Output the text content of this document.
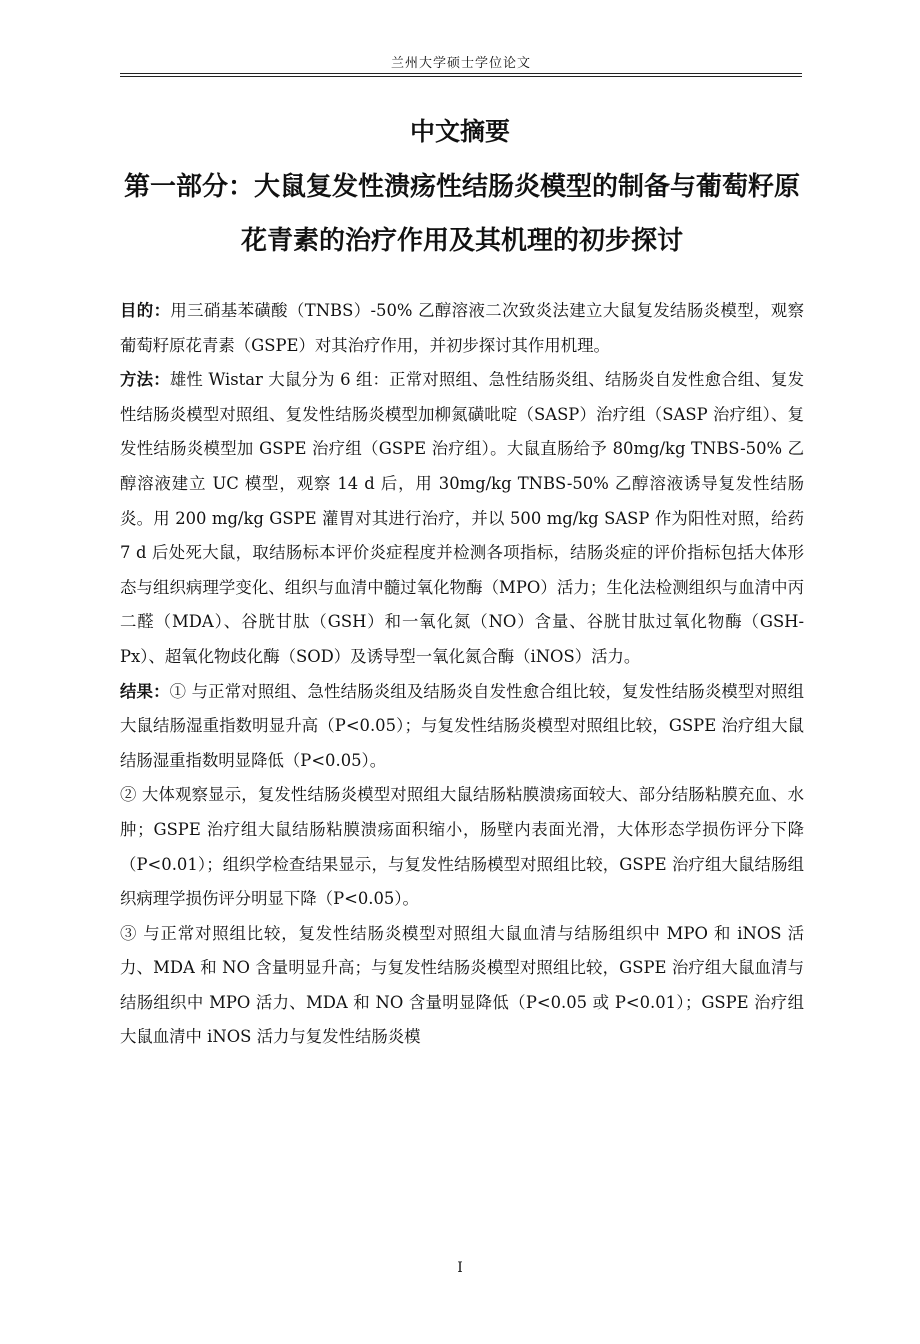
兰州大学硕士学位论文
中文摘要
第一部分：大鼠复发性溃疡性结肠炎模型的制备与葡萄籽原花青素的治疗作用及其机理的初步探讨

目的：用三硝基苯磺酸（TNBS）-50% 乙醇溶液二次致炎法建立大鼠复发结肠炎模型，观察葡萄籽原花青素（GSPE）对其治疗作用，并初步探讨其作用机理。

方法：雄性 Wistar 大鼠分为 6 组：正常对照组、急性结肠炎组、结肠炎自发性愈合组、复发性结肠炎模型对照组、复发性结肠炎模型加柳氮磺吡啶（SASP）治疗组（SASP 治疗组）、复发性结肠炎模型加 GSPE 治疗组（GSPE 治疗组）。大鼠直肠给予 80mg/kg TNBS-50% 乙醇溶液建立 UC 模型，观察 14 d 后，用 30mg/kg TNBS-50% 乙醇溶液诱导复发性结肠炎。用 200 mg/kg GSPE 灌胃对其进行治疗，并以 500 mg/kg SASP 作为阳性对照，给药 7 d 后处死大鼠，取结肠标本评价炎症程度并检测各项指标，结肠炎症的评价指标包括大体形态与组织病理学变化、组织与血清中髓过氧化物酶（MPO）活力；生化法检测组织与血清中丙二醛（MDA）、谷胱甘肽（GSH）和一氧化氮（NO）含量、谷胱甘肽过氧化物酶（GSH-Px）、超氧化物歧化酶（SOD）及诱导型一氧化氮合酶（iNOS）活力。

结果：① 与正常对照组、急性结肠炎组及结肠炎自发性愈合组比较，复发性结肠炎模型对照组大鼠结肠湿重指数明显升高（P<0.05）；与复发性结肠炎模型对照组比较，GSPE 治疗组大鼠结肠湿重指数明显降低（P<0.05）。

② 大体观察显示，复发性结肠炎模型对照组大鼠结肠粘膜溃疡面较大、部分结肠粘膜充血、水肿；GSPE 治疗组大鼠结肠粘膜溃疡面积缩小，肠壁内表面光滑，大体形态学损伤评分下降（P<0.01）；组织学检查结果显示，与复发性结肠模型对照组比较，GSPE 治疗组大鼠结肠组织病理学损伤评分明显下降（P<0.05）。

③ 与正常对照组比较，复发性结肠炎模型对照组大鼠血清与结肠组织中 MPO 和 iNOS 活力、MDA 和 NO 含量明显升高；与复发性结肠炎模型对照组比较，GSPE 治疗组大鼠血清与结肠组织中 MPO 活力、MDA 和 NO 含量明显降低（P<0.05 或 P<0.01）；GSPE 治疗组大鼠血清中 iNOS 活力与复发性结肠炎模

I
